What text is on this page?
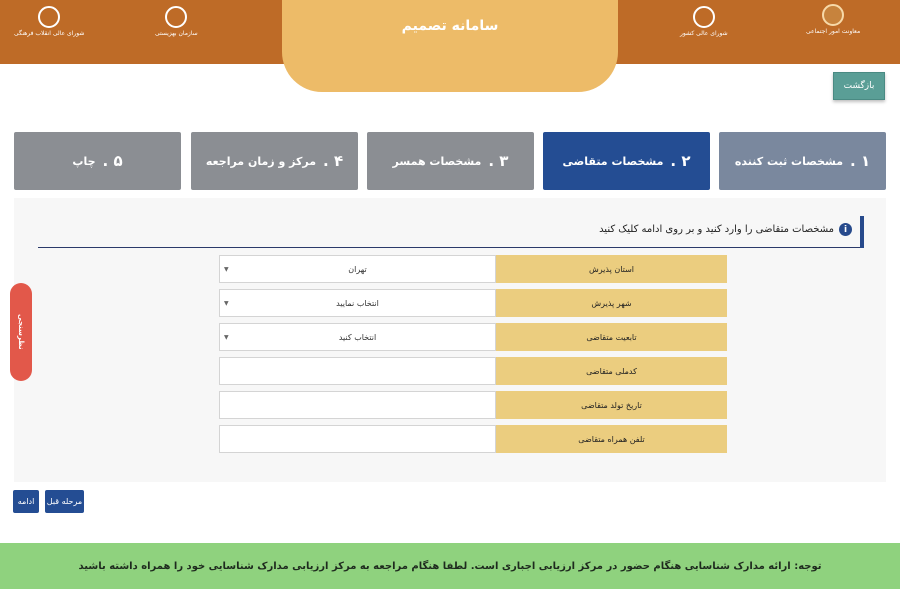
سامانه تصمیم	معاونت امور اجتماعی
شورای عالی کشور
سازمان بهزیستی
شورای عالی انقلاب فرهنگی
بازگشت
۱ .
مشخصات ثبت کننده
۲ .
مشخصات متقاضی
۳ .
مشخصات همسر
۴ .
مرکز و زمان مراجعه
۵ .
چاپ
i
مشخصات متقاضی را وارد کنید و بر روی ادامه کلیک کنید
▼	تهران	استان پذیرش
▼	انتخاب نمایید	شهر پذیرش
▼	انتخاب کنید	تابعیت متقاضی
کدملی متقاضی
تاریخ تولد متقاضی
تلفن همراه متقاضی
نظرسنجی
مرحله قبل
ادامه
توجه: ارائه مدارک شناسایی هنگام حضور در مرکز ارزیابی اجباری است. لطفا هنگام مراجعه به مرکز ارزیابی مدارک شناسایی خود را همراه داشته باشید
